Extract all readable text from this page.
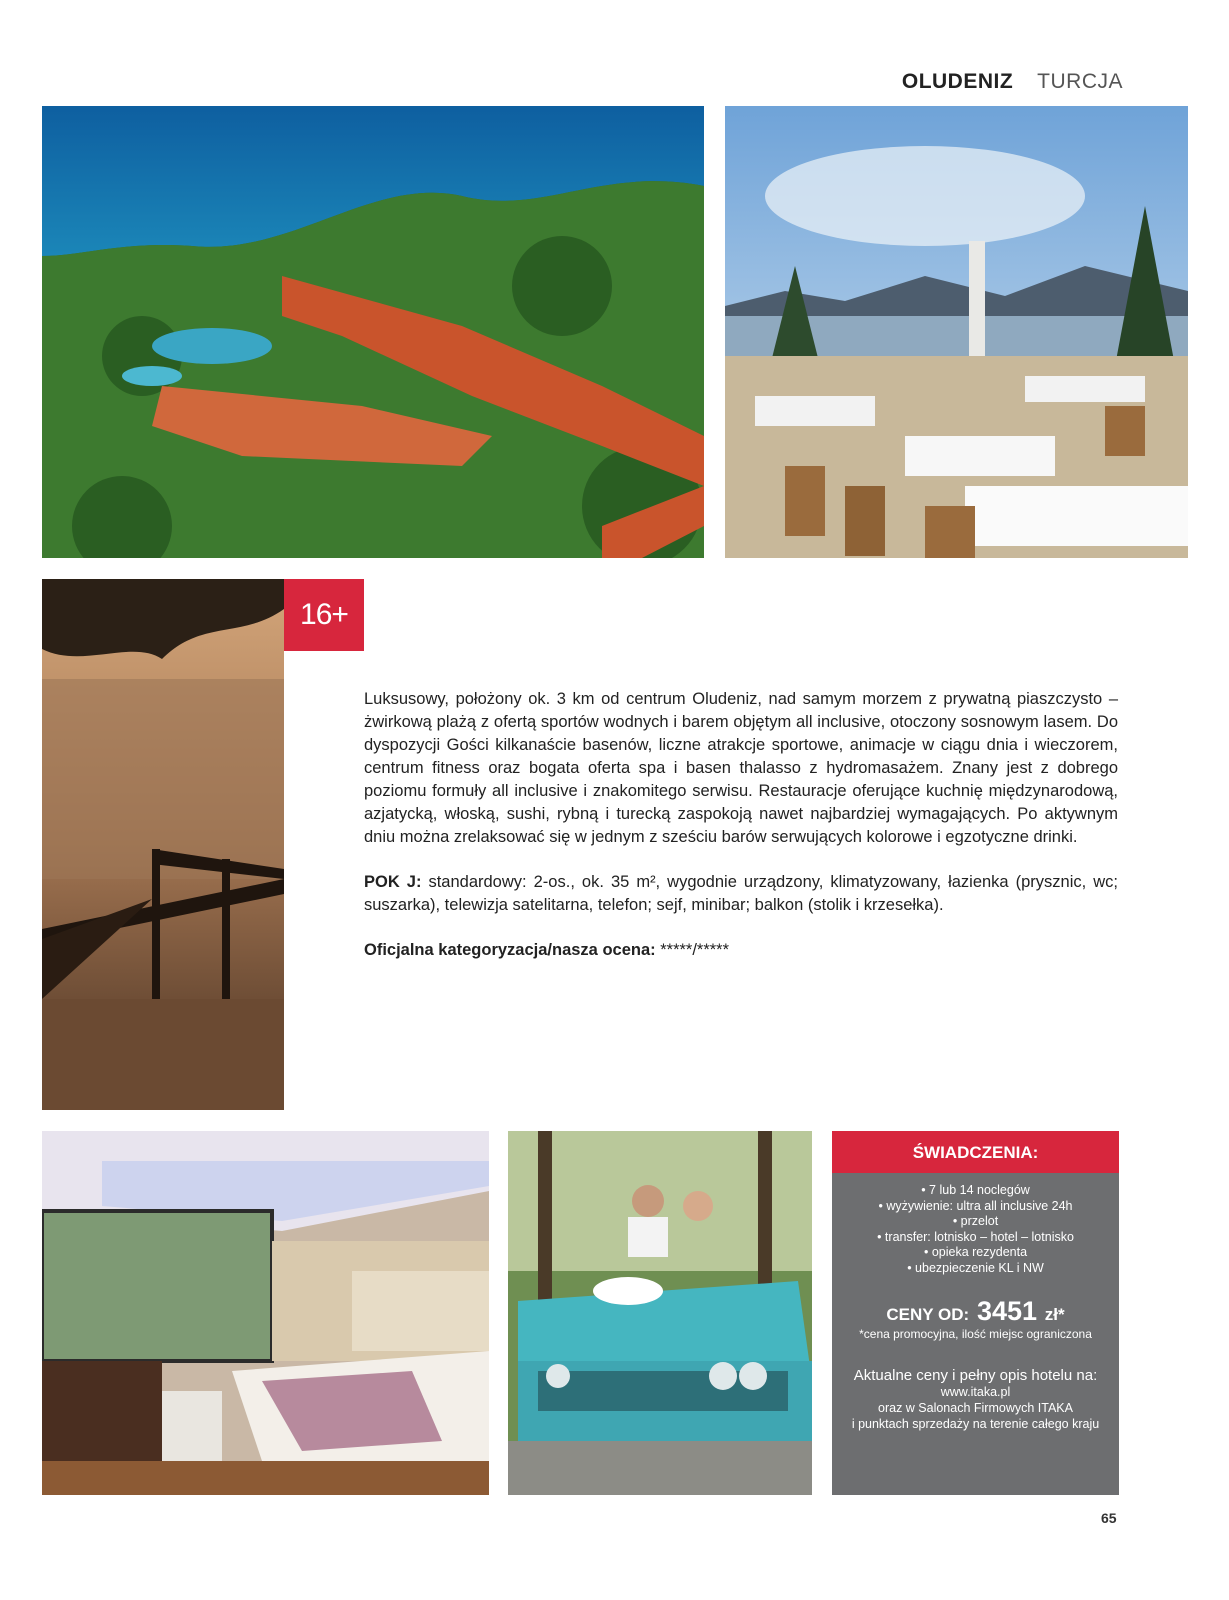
OLUDENIZ TURCJA
16+

Luksusowy, położony ok. 3 km od centrum Oludeniz, nad samym morzem z prywatną piaszczysto – żwirkową plażą z ofertą sportów wodnych i barem objętym all inclusive, otoczony sosnowym lasem. Do dyspozycji Gości kilkanaście basenów, liczne atrakcje sportowe, animacje w ciągu dnia i wieczorem, centrum fitness oraz bogata oferta spa i basen thalasso z hydromasażem. Znany jest z dobrego poziomu formuły all inclusive i znakomitego serwisu. Restauracje oferujące kuchnię międzynarodową, azjatycką, włoską, sushi, rybną i turecką zaspokoją nawet najbardziej wymagających. Po aktywnym dniu można zrelaksować się w jednym z sześciu barów serwujących kolorowe i egzotyczne drinki.

POK J: standardowy: 2-os., ok. 35 m², wygodnie urządzony, klimatyzowany, łazienka (prysznic, wc; suszarka), telewizja satelitarna, telefon; sejf, minibar; balkon (stolik i krzesełka).

Oficjalna kategoryzacja/nasza ocena: *****/*****

ŚWIADCZENIA:
• 7 lub 14 noclegów
• wyżywienie: ultra all inclusive 24h
• przelot
• transfer: lotnisko – hotel – lotnisko
• opieka rezydenta
• ubezpieczenie KL i NW
CENY OD: 3451 zł*
*cena promocyjna, ilość miejsc ograniczona
Aktualne ceny i pełny opis hotelu na:
www.itaka.pl
oraz w Salonach Firmowych ITAKA
i punktach sprzedaży na terenie całego kraju
65
